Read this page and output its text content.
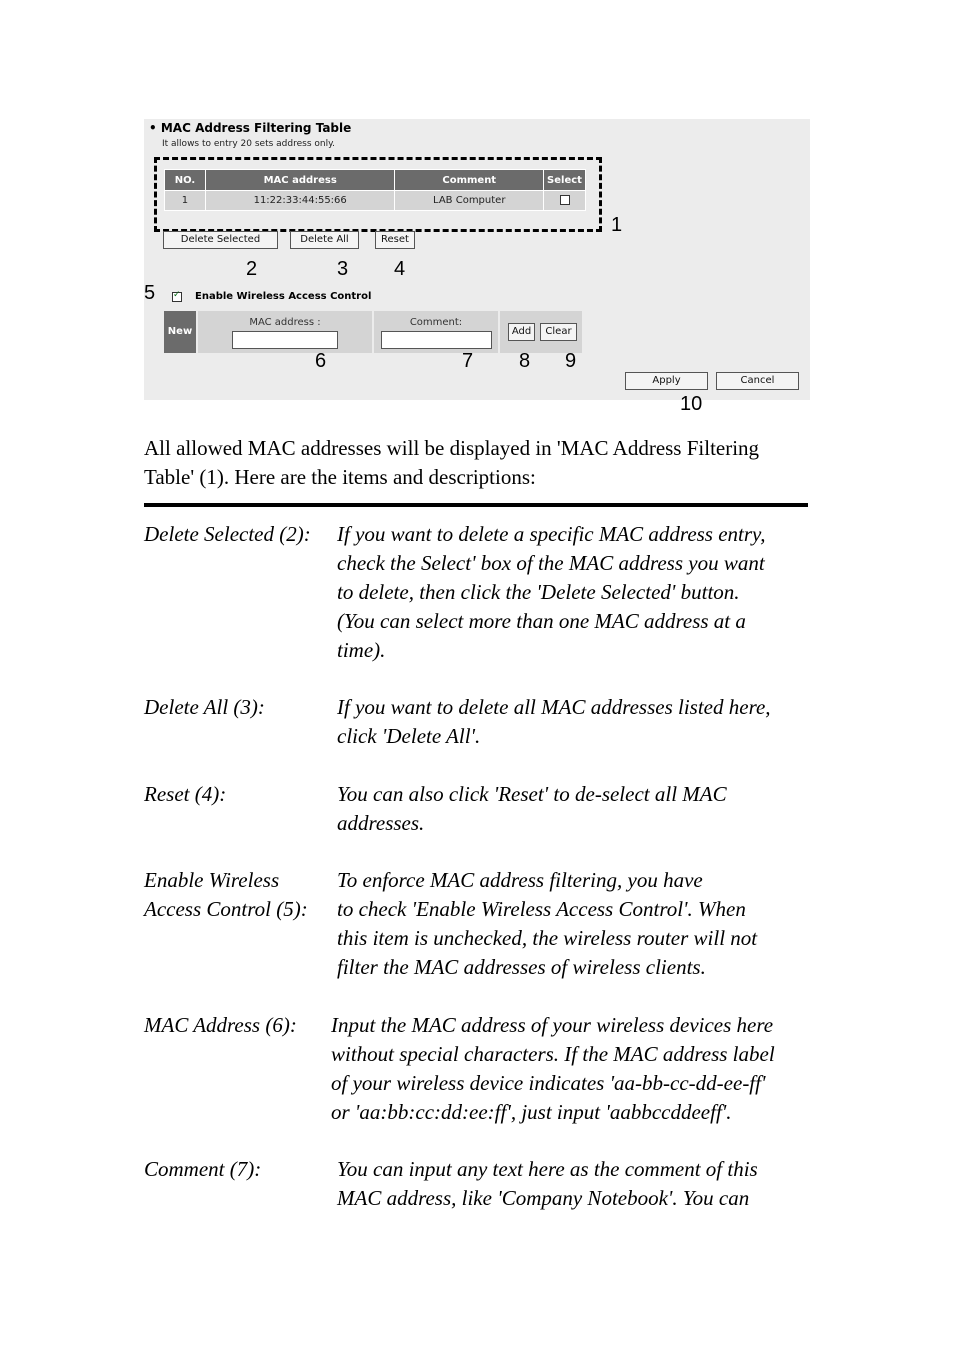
• MAC Address Filtering Table
It allows to entry 20 sets address only.
NO.	MAC address	Comment	Select
1	11:22:33:44:55:66	LAB Computer	
Delete Selected	Delete All	Reset
✓
Enable Wireless Access Control
New
MAC address :	Comment:
Add	Clear
Apply	Cancel
1
2	3 4
5
6	7 8 9
10
All allowed MAC addresses will be displayed in 'MAC Address Filtering Table' (1). Here are the items and descriptions:
Delete Selected (2): If you want to delete a specific MAC address entry,
check the Select' box of the MAC address you want
to delete, then click the 'Delete Selected' button.
(You can select more than one MAC address at a
time).
Delete All (3):	If you want to delete all MAC addresses listed here,
click 'Delete All'.
Reset (4):	You can also click 'Reset' to de-select all MAC
addresses.
Enable Wireless
Access Control (5):
To enforce MAC address filtering, you have
to check 'Enable Wireless Access Control'. When
this item is unchecked, the wireless router will not
filter the MAC addresses of wireless clients.
MAC Address (6): Input the MAC address of your wireless devices here
without special characters. If the MAC address label
of your wireless device indicates 'aa-bb-cc-dd-ee-ff'
or 'aa:bb:cc:dd:ee:ff', just input 'aabbccddeeff'.
Comment (7):	You can input any text here as the comment of this
MAC address, like 'Company Notebook'. You can
